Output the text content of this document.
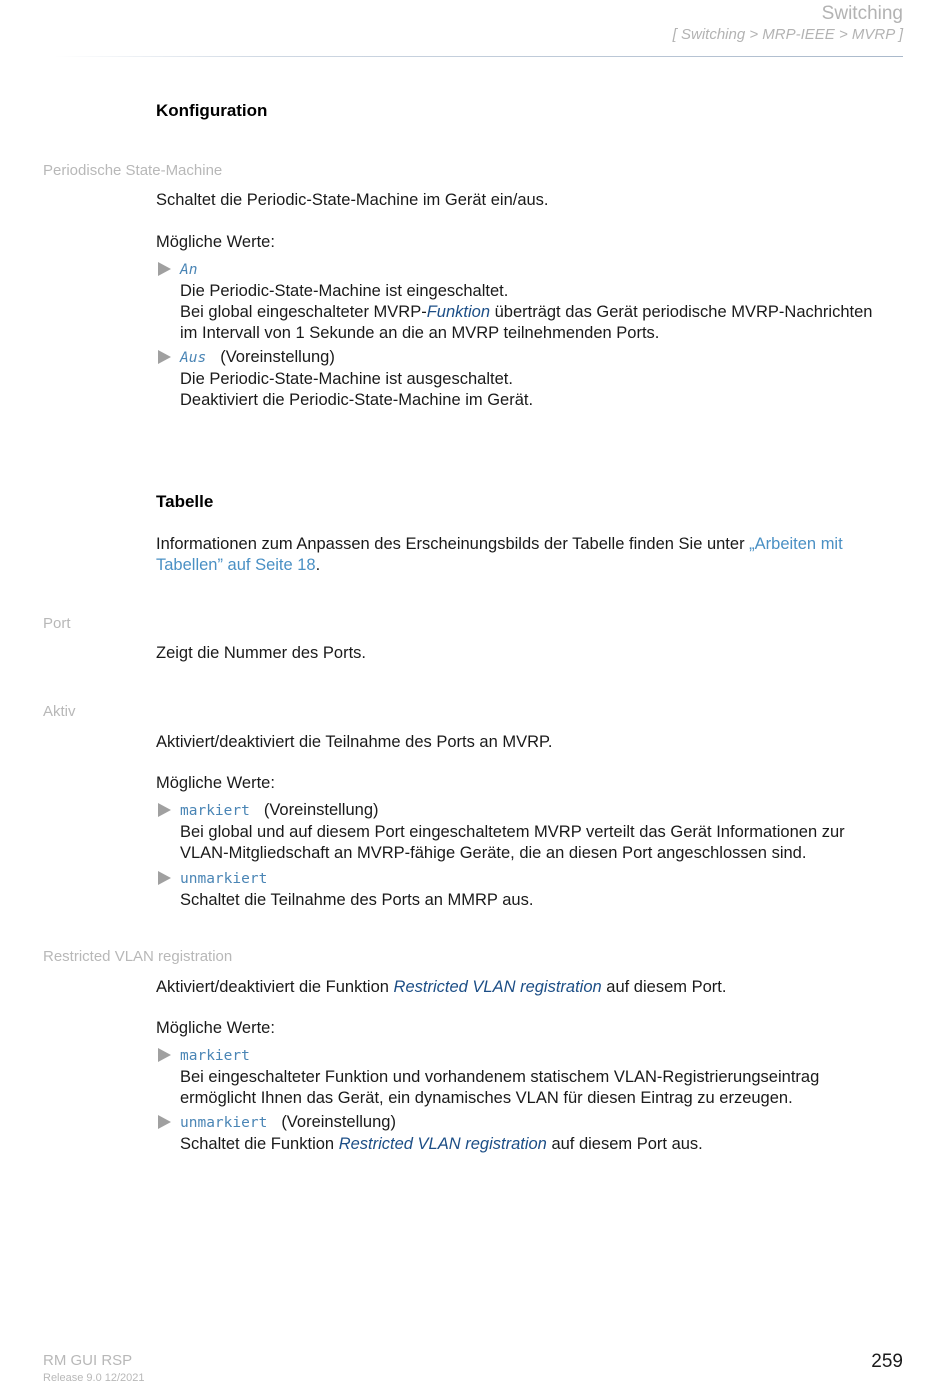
Switching
[ Switching > MRP-IEEE > MVRP ]
Konfiguration
Periodische State-Machine
Schaltet die Periodic-State-Machine im Gerät ein/aus.
Mögliche Werte:
An
Die Periodic-State-Machine ist eingeschaltet.
Bei global eingeschalteter MVRP-Funktion überträgt das Gerät periodische MVRP-Nachrichten
im Intervall von 1 Sekunde an die an MVRP teilnehmenden Ports.
Aus (Voreinstellung)
Die Periodic-State-Machine ist ausgeschaltet.
Deaktiviert die Periodic-State-Machine im Gerät.
Tabelle
Informationen zum Anpassen des Erscheinungsbilds der Tabelle finden Sie unter „Arbeiten mit
Tabellen” auf Seite 18.
Port
Zeigt die Nummer des Ports.
Aktiv
Aktiviert/deaktiviert die Teilnahme des Ports an MVRP.
Mögliche Werte:
markiert (Voreinstellung)
Bei global und auf diesem Port eingeschaltetem MVRP verteilt das Gerät Informationen zur
VLAN-Mitgliedschaft an MVRP-fähige Geräte, die an diesen Port angeschlossen sind.
unmarkiert
Schaltet die Teilnahme des Ports an MMRP aus.
Restricted VLAN registration
Aktiviert/deaktiviert die Funktion Restricted VLAN registration auf diesem Port.
Mögliche Werte:
markiert
Bei eingeschalteter Funktion und vorhandenem statischem VLAN-Registrierungseintrag
ermöglicht Ihnen das Gerät, ein dynamisches VLAN für diesen Eintrag zu erzeugen.
unmarkiert (Voreinstellung)
Schaltet die Funktion Restricted VLAN registration auf diesem Port aus.
RM GUI RSP
Release 9.0 12/2021
259
